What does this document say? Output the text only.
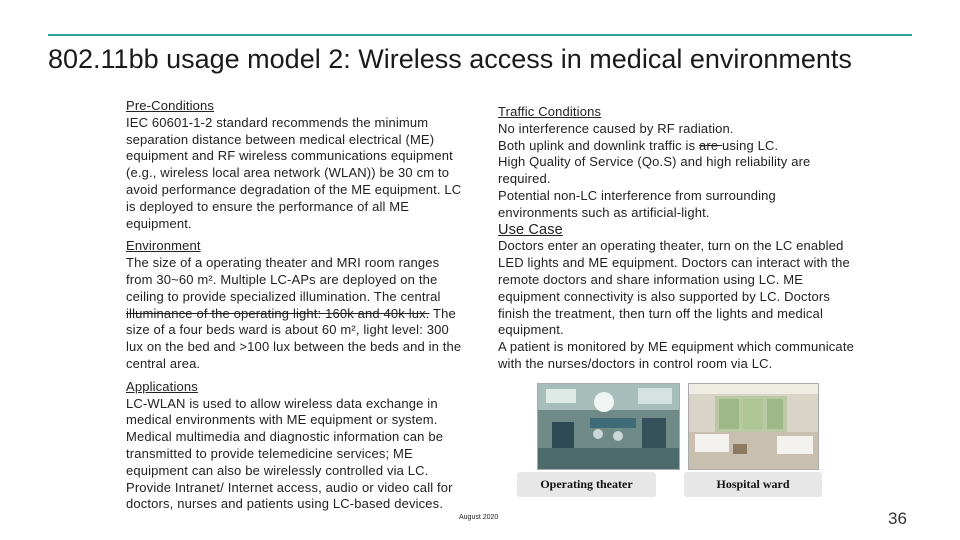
802.11bb usage model 2: Wireless access in medical environments

Pre-Conditions

IEC 60601-1-2 standard recommends the minimum separation distance between medical electrical (ME) equipment and RF wireless communications equipment (e.g., wireless local area network (WLAN)) be 30 cm to avoid performance degradation of the ME equipment. LC is deployed to ensure the performance of all ME equipment.

Environment

The size of a operating theater and MRI room ranges from 30~60 m². Multiple LC-APs are deployed on the ceiling to provide specialized illumination. The central illuminance of the operating light: 160k and 40k lux. The size of a four beds ward is about 60 m², light level: 300 lux on the bed and >100 lux between the beds and in the central area.

Applications

LC-WLAN is used to allow wireless data exchange in medical environments with ME equipment or system. Medical multimedia and diagnostic information can be transmitted to provide telemedicine services; ME equipment can also be wirelessly controlled via LC. Provide Intranet/ Internet access, audio or video call for doctors, nurses and patients using LC-based devices.

Traffic Conditions

No interference caused by RF radiation.

Both uplink and downlink traffic is are using LC.

High Quality of Service (Qo.S) and high reliability are required.

Potential non-LC interference from surrounding environments such as artificial-light.

Use Case

Doctors enter an operating theater, turn on the LC enabled LED lights and ME equipment. Doctors can interact with the remote doctors and share information using LC. ME equipment connectivity is also supported by LC. Doctors finish the treatment, then turn off the lights and medical equipment.

A patient is monitored by ME equipment which communicate with the nurses/doctors in control room via LC.

Operating theater	Hospital ward
August 2020	36
